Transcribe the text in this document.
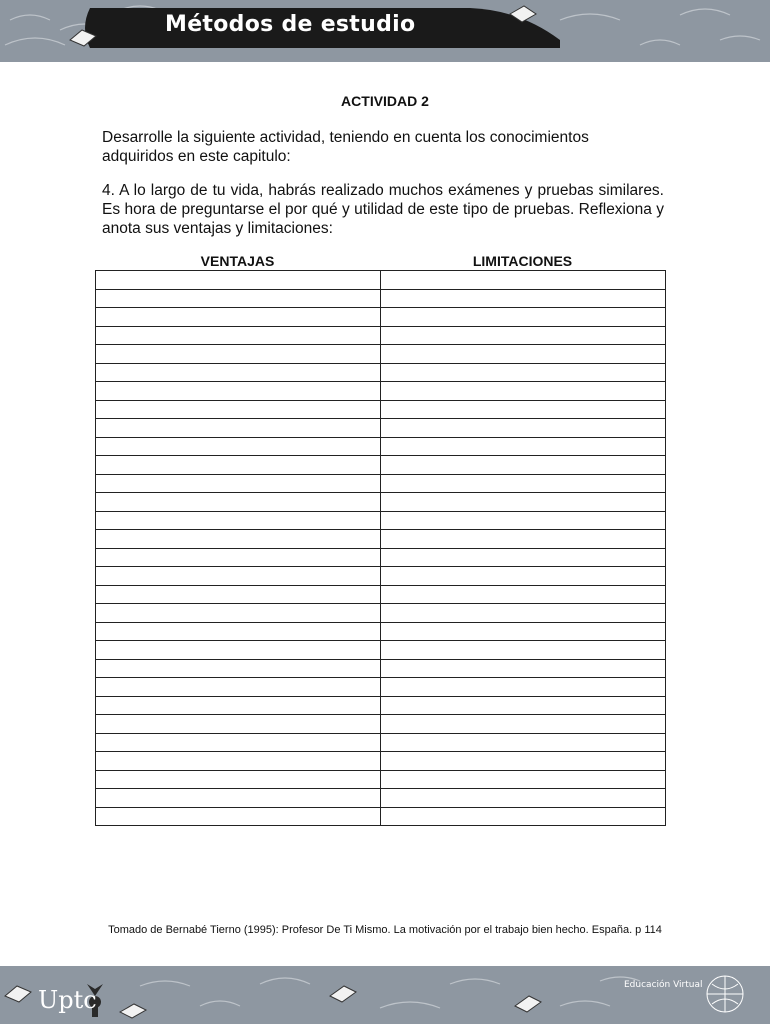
Métodos de estudio
ACTIVIDAD 2
Desarrolle la siguiente actividad, teniendo en cuenta los conocimientos adquiridos en este capitulo:
4. A lo largo de tu vida, habrás realizado muchos exámenes y pruebas similares. Es hora de preguntarse el por qué y utilidad de este tipo de pruebas. Reflexiona y anota sus ventajas y limitaciones:
VENTAJAS	LIMITACIONES

Tomado de Bernabé Tierno (1995): Profesor De Ti Mismo. La motivación por el trabajo bien hecho. España. p 114
Uptc
Educación Virtual
